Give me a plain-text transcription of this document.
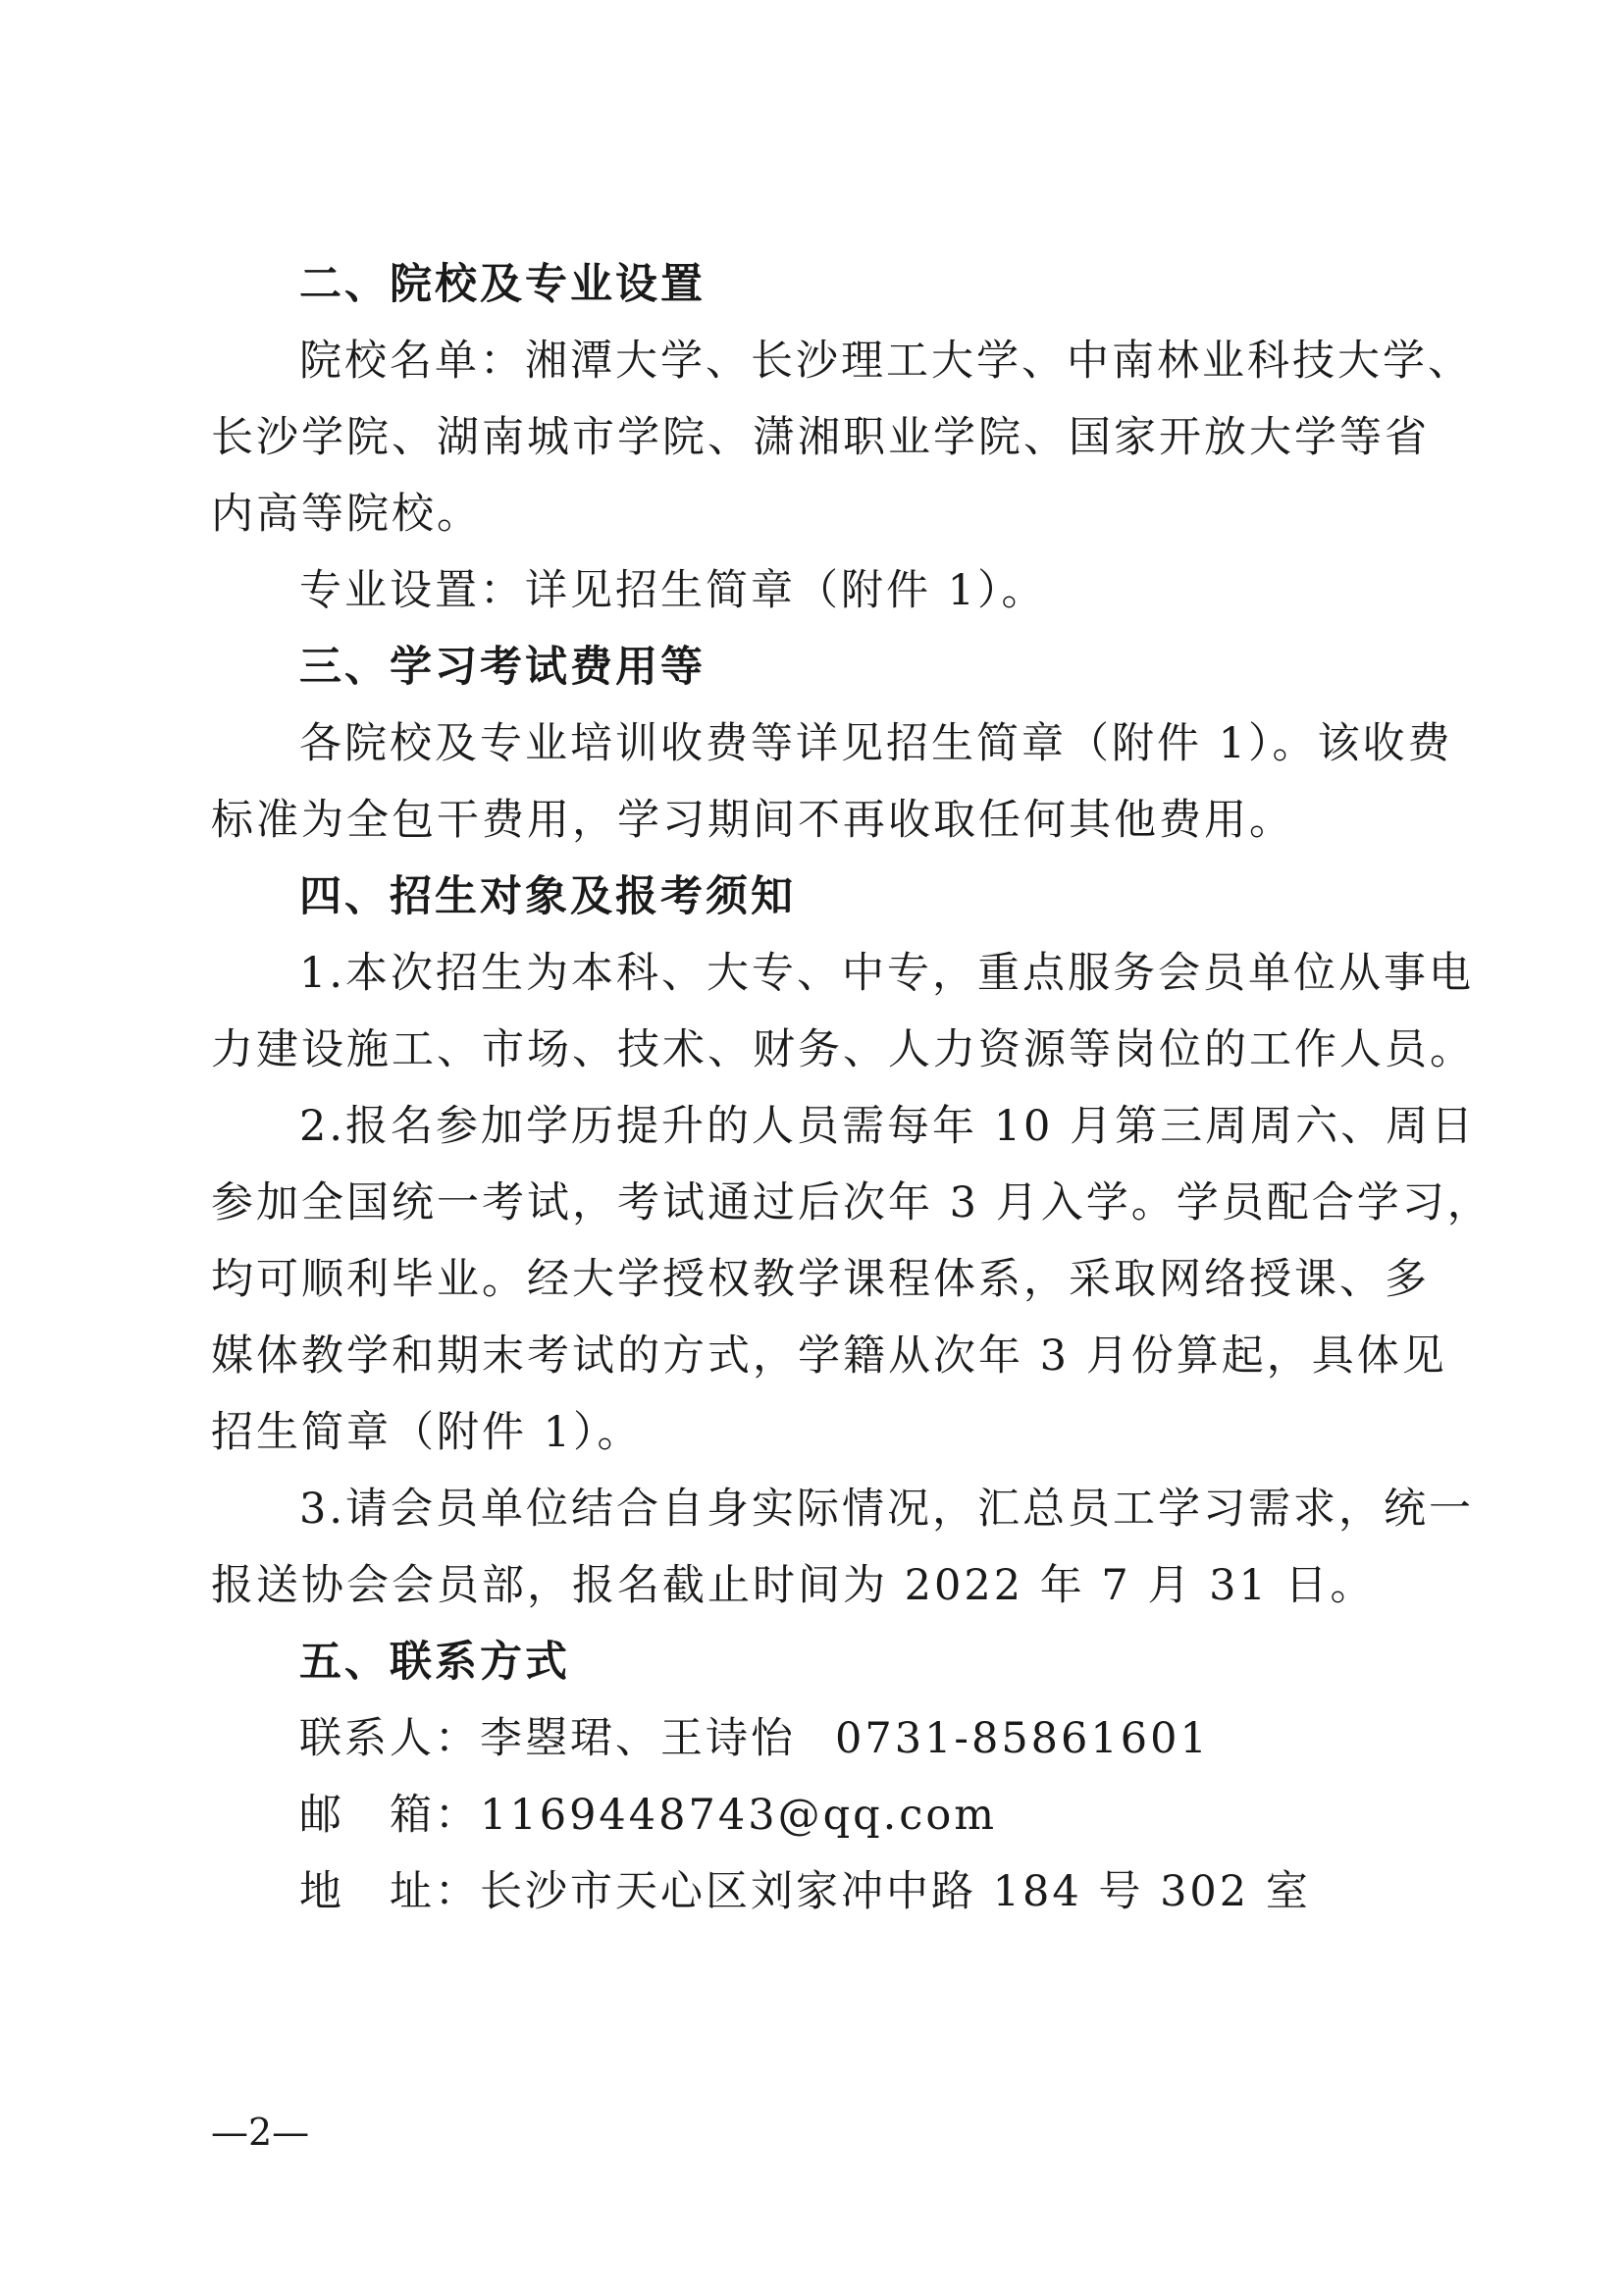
二、院校及专业设置
院校名单：湘潭大学、长沙理工大学、中南林业科技大学、
长沙学院、湖南城市学院、潇湘职业学院、国家开放大学等省
内高等院校。
专业设置：详见招生简章（附件 1）。
三、学习考试费用等
各院校及专业培训收费等详见招生简章（附件 1）。该收费
标准为全包干费用，学习期间不再收取任何其他费用。
四、招生对象及报考须知
1.本次招生为本科、大专、中专，重点服务会员单位从事电
力建设施工、市场、技术、财务、人力资源等岗位的工作人员。
2.报名参加学历提升的人员需每年 10 月第三周周六、周日
参加全国统一考试，考试通过后次年 3 月入学。学员配合学习，
均可顺利毕业。经大学授权教学课程体系，采取网络授课、多
媒体教学和期末考试的方式，学籍从次年 3 月份算起，具体见
招生简章（附件 1）。
3.请会员单位结合自身实际情况，汇总员工学习需求，统一
报送协会会员部，报名截止时间为 2022 年 7 月 31 日。
五、联系方式
联系人：李曌珺、王诗怡 0731-85861601
邮　箱：1169448743@qq.com
地　址：长沙市天心区刘家冲中路 184 号 302 室
—2—
